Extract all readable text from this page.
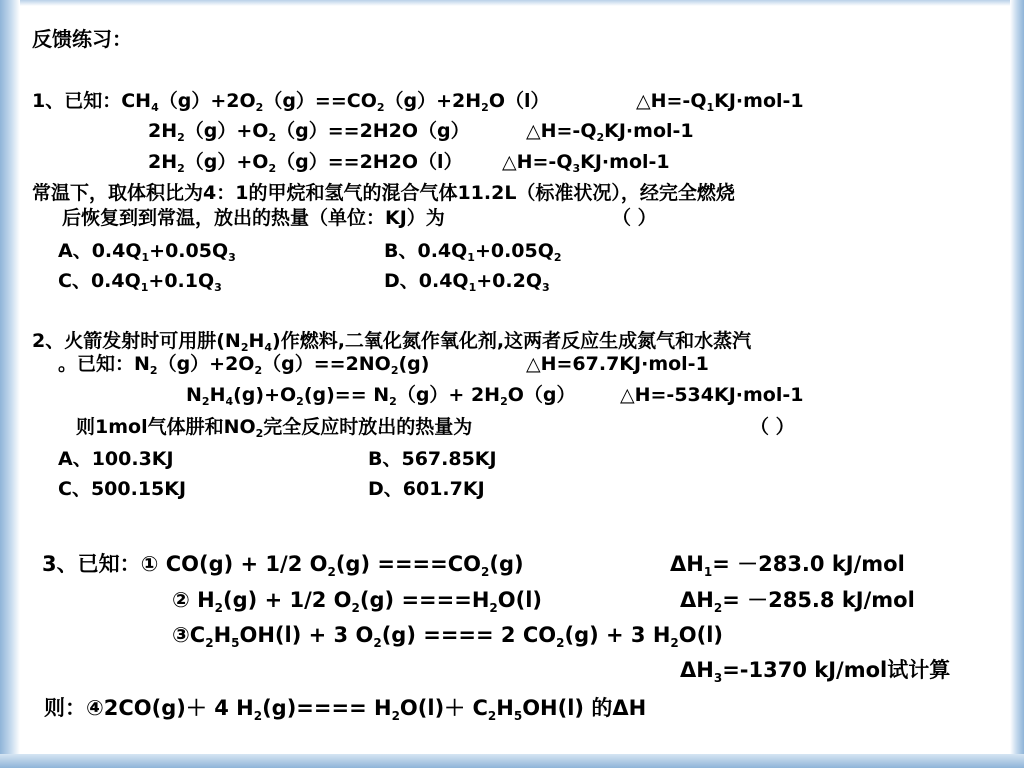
反馈练习：
1、已知：$CH_4(g)+2O_2(g)==CO_2(g)+2H_2O(l)$	$\triangle H=-Q_1KJ\cdot mol-1$
$2H_2(g)+O_2(g)==2H2O(g)$	$\triangle H=-Q_2KJ\cdot mol-1$
$2H_2(g)+O_2(g)==2H2O(l)$ $\triangle H=-Q_3KJ\cdot mol-1$
常温下，取体积比为4：1的甲烷和氢气的混合气体11.2L（标准状况），经完全燃烧
后恢复到到常温，放出的热量（单位：KJ）为	（ ）
A、$0.4Q_1+0.05Q_3$	B、$0.4Q_1+0.05Q_2$
C、$0.4Q_1+0.1Q_3$	D、$0.4Q_1+0.2Q_3$
2、火箭发射时可用肼$(N_2H_4)$作燃料,二氧化氮作氧化剂,这两者反应生成氮气和水蒸汽
。已知：$N_2(g)+2O_2(g)==2NO_2(g)$	△H=67.7KJ·mol-1
$N_2H_4(g)+O_2(g)== N_2(g)+ 2H_2O(g)$ △H=-534KJ·mol-1
则1mol气体肼和$NO_2$完全反应时放出的热量为	（ ）
A、100.3KJ	B、567.85KJ
C、500.15KJ	D、601.7KJ
3、已知：① CO(g) + 1/2 $O_2(g) ====CO_2(g)$	$\Delta H_1= -283.0$ kJ/mol
② $H_2(g) + 1/2$ $O_2(g) ====H_2O(l)$	$\Delta H_2= -285.8$ kJ/mol
$③C_2H_5OH(l) + 3$ $O_2(g)$ ==== 2 $CO_2(g) + 3$ $H_2O(l)$
$\Delta H_3=-1370$ kJ/mol试计算
则：④2CO(g)＋ 4 $H_2(g)==== H_2O(l)+ C_2H_5OH(l)$ 的ΔH
